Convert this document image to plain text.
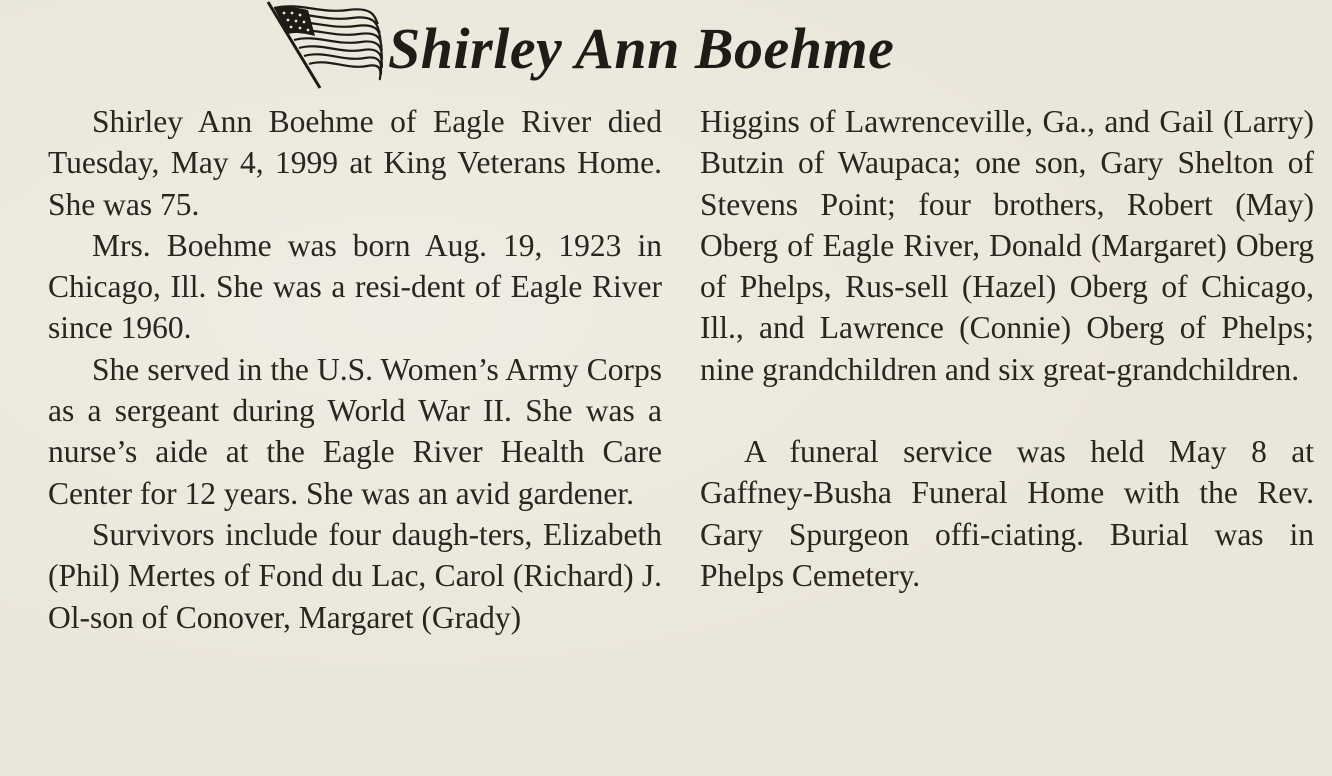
Shirley Ann Boehme

Shirley Ann Boehme of Eagle River died Tuesday, May 4, 1999 at King Veterans Home. She was 75.

Mrs. Boehme was born Aug. 19, 1923 in Chicago, Ill. She was a resi-dent of Eagle River since 1960.

She served in the U.S. Women’s Army Corps as a sergeant during World War II. She was a nurse’s aide at the Eagle River Health Care Center for 12 years. She was an avid gardener.

Survivors include four daugh-ters, Elizabeth (Phil) Mertes of Fond du Lac, Carol (Richard) J. Ol-son of Conover, Margaret (Grady)

Higgins of Lawrenceville, Ga., and Gail (Larry) Butzin of Waupaca; one son, Gary Shelton of Stevens Point; four brothers, Robert (May) Oberg of Eagle River, Donald (Margaret) Oberg of Phelps, Rus-sell (Hazel) Oberg of Chicago, Ill., and Lawrence (Connie) Oberg of Phelps; nine grandchildren and six great-grandchildren.

A funeral service was held May 8 at Gaffney-Busha Funeral Home with the Rev. Gary Spurgeon offi-ciating. Burial was in Phelps Cemetery.
